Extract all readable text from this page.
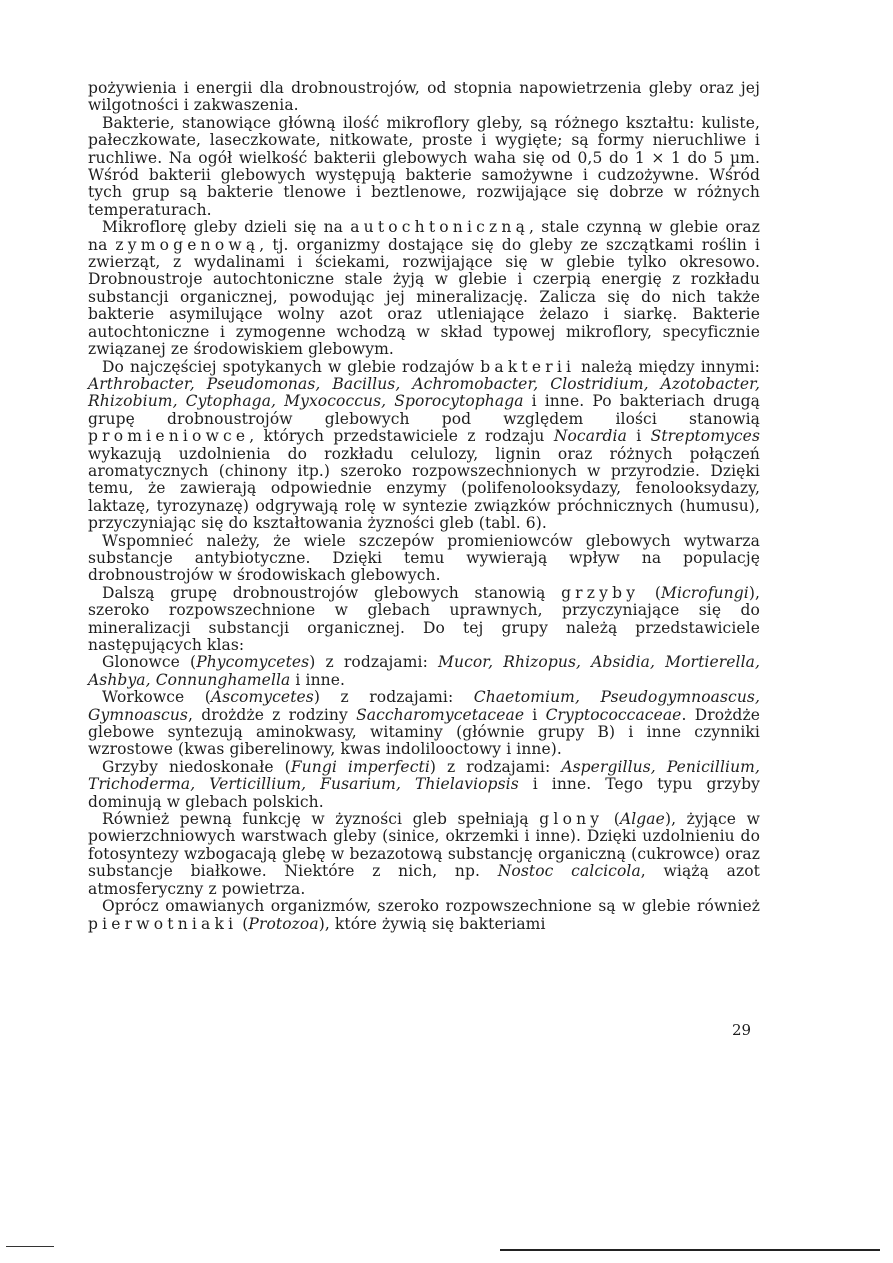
pożywienia i energii dla drobnoustrojów, od stopnia napowietrzenia gleby oraz jej wilgotności i zakwaszenia.

Bakterie, stanowiące główną ilość mikroflory gleby, są różnego kształtu: kuliste, pałeczkowate, laseczkowate, nitkowate, proste i wygięte; są formy nieruchliwe i ruchliwe. Na ogół wielkość bakterii glebowych waha się od 0,5 do 1 × 1 do 5 µm. Wśród bakterii glebowych występują bakterie samożywne i cudzożywne. Wśród tych grup są bakterie tlenowe i beztlenowe, rozwijające się dobrze w różnych temperaturach.

Mikroflorę gleby dzieli się na autochtoniczną, stale czynną w glebie oraz na zymogenową, tj. organizmy dostające się do gleby ze szczątkami roślin i zwierząt, z wydalinami i ściekami, rozwijające się w glebie tylko okresowo. Drobnoustroje autochtoniczne stale żyją w glebie i czerpią energię z rozkładu substancji organicznej, powodując jej mineralizację. Zalicza się do nich także bakterie asymilujące wolny azot oraz utleniające żelazo i siarkę. Bakterie autochtoniczne i zymogenne wchodzą w skład typowej mikroflory, specyficznie związanej ze środowiskiem glebowym.

Do najczęściej spotykanych w glebie rodzajów bakterii należą między innymi: Arthrobacter, Pseudomonas, Bacillus, Achromobacter, Clostridium, Azotobacter, Rhizobium, Cytophaga, Myxococcus, Sporocytophaga i inne. Po bakteriach drugą grupę drobnoustrojów glebowych pod względem ilości stanowią promieniowce, których przedstawiciele z rodzaju Nocardia i Streptomyces wykazują uzdolnienia do rozkładu celulozy, lignin oraz różnych połączeń aromatycznych (chinony itp.) szeroko rozpowszechnionych w przyrodzie. Dzięki temu, że zawierają odpowiednie enzymy (polifenolooksydazy, fenolooksydazy, laktazę, tyrozynazę) odgrywają rolę w syntezie związków próchnicznych (humusu), przyczyniając się do kształtowania żyzności gleb (tabl. 6).

Wspomnieć należy, że wiele szczepów promieniowców glebowych wytwarza substancje antybiotyczne. Dzięki temu wywierają wpływ na populację drobnoustrojów w środowiskach glebowych.

Dalszą grupę drobnoustrojów glebowych stanowią grzyby (Microfungi), szeroko rozpowszechnione w glebach uprawnych, przyczyniające się do mineralizacji substancji organicznej. Do tej grupy należą przedstawiciele następujących klas:

Glonowce (Phycomycetes) z rodzajami: Mucor, Rhizopus, Absidia, Mortierella, Ashbya, Connunghamella i inne.

Workowce (Ascomycetes) z rodzajami: Chaetomium, Pseudogymnoascus, Gymnoascus, drożdże z rodziny Saccharomycetaceae i Cryptococcaceae. Drożdże glebowe syntezują aminokwasy, witaminy (głównie grupy B) i inne czynniki wzrostowe (kwas giberelinowy, kwas indolilooctowy i inne).

Grzyby niedoskonałe (Fungi imperfecti) z rodzajami: Aspergillus, Penicillium, Trichoderma, Verticillium, Fusarium, Thielaviopsis i inne. Tego typu grzyby dominują w glebach polskich.

Również pewną funkcję w żyzności gleb spełniają glony (Algae), żyjące w powierzchniowych warstwach gleby (sinice, okrzemki i inne). Dzięki uzdolnieniu do fotosyntezy wzbogacają glebę w bezazotową substancję organiczną (cukrowce) oraz substancje białkowe. Niektóre z nich, np. Nostoc calcicola, wiążą azot atmosferyczny z powietrza.

Oprócz omawianych organizmów, szeroko rozpowszechnione są w glebie również pierwotniaki (Protozoa), które żywią się bakteriami

29
